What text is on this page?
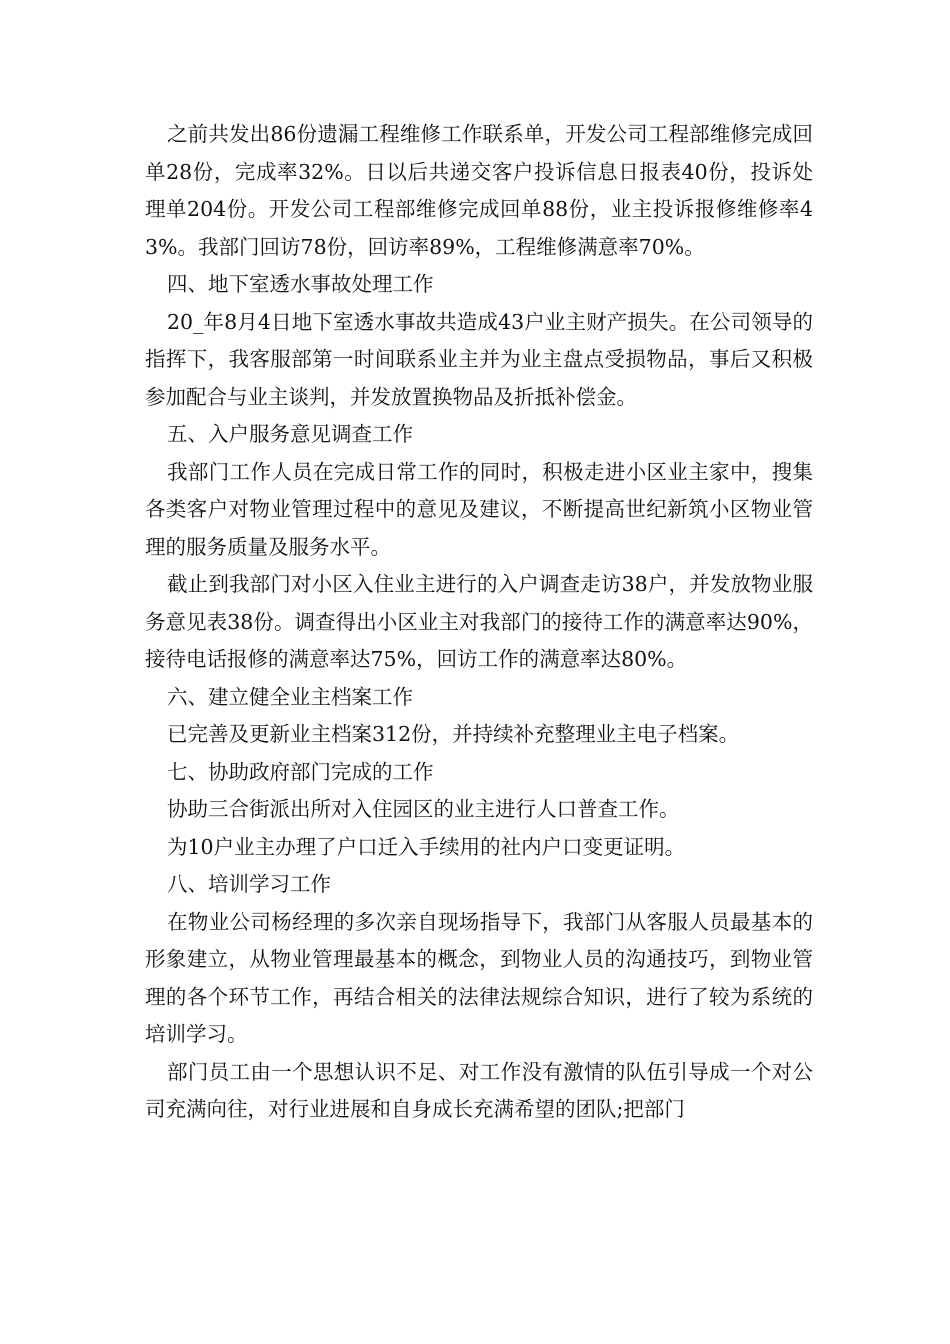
之前共发出86份遗漏工程维修工作联系单，开发公司工程部维修完成回单28份，完成率32%。日以后共递交客户投诉信息日报表40份，投诉处理单204份。开发公司工程部维修完成回单88份，业主投诉报修维修率43%。我部门回访78份，回访率89%，工程维修满意率70%。

四、地下室透水事故处理工作

20_年8月4日地下室透水事故共造成43户业主财产损失。在公司领导的指挥下，我客服部第一时间联系业主并为业主盘点受损物品，事后又积极参加配合与业主谈判，并发放置换物品及折抵补偿金。

五、入户服务意见调查工作

我部门工作人员在完成日常工作的同时，积极走进小区业主家中，搜集各类客户对物业管理过程中的意见及建议，不断提高世纪新筑小区物业管理的服务质量及服务水平。

截止到我部门对小区入住业主进行的入户调查走访38户，并发放物业服务意见表38份。调查得出小区业主对我部门的接待工作的满意率达90%，接待电话报修的满意率达75%，回访工作的满意率达80%。

六、建立健全业主档案工作

已完善及更新业主档案312份，并持续补充整理业主电子档案。

七、协助政府部门完成的工作

协助三合街派出所对入住园区的业主进行人口普查工作。

为10户业主办理了户口迁入手续用的社内户口变更证明。

八、培训学习工作

在物业公司杨经理的多次亲自现场指导下，我部门从客服人员最基本的形象建立，从物业管理最基本的概念，到物业人员的沟通技巧，到物业管理的各个环节工作，再结合相关的法律法规综合知识，进行了较为系统的培训学习。

部门员工由一个思想认识不足、对工作没有激情的队伍引导成一个对公司充满向往，对行业进展和自身成长充满希望的团队;把部门
